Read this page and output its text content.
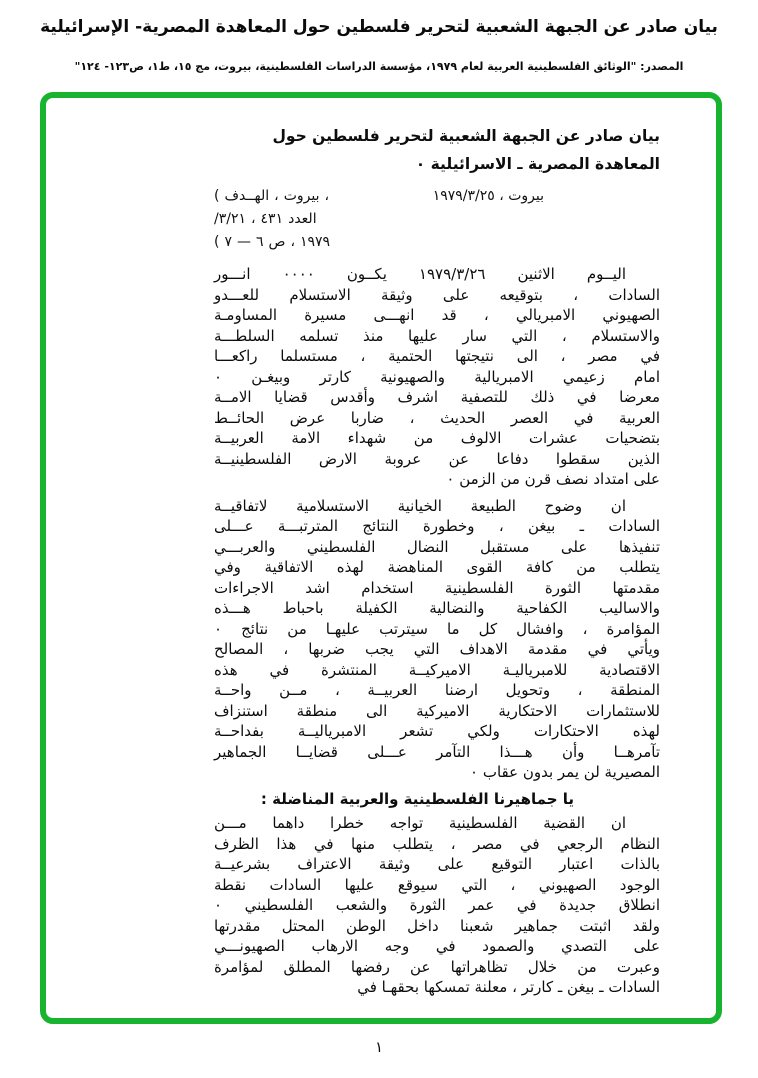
بيان صادر عن الجبهة الشعبية لتحرير فلسطين حول المعاهدة المصرية- الإسرائيلية
المصدر: "الوثائق الفلسطينية العربية لعام ١٩٧٩، مؤسسة الدراسات الفلسطينية، بيروت، مج ١٥، ط١، ص١٢٣- ١٢٤"
بيان صادر عن الجبهة الشعبية لتحرير فلسطين حول
المعاهدة المصرية ـ الاسرائيلية ٠
بيروت ، ١٩٧٩/٣/٢٥
( الهــدف ، بيروت ،
/٣/٢١ ، ٤٣١ العدد
( ٧ — ٦ ص ، ١٩٧٩
اليــوم الاثنين ١٩٧٩/٣/٢٦ يكــون ٠٠٠٠ انـــور
السادات ، بتوقيعه على وثيقة الاستسلام للعـــدو
الصهيوني الامبريالي ، قد انهـــى مسيرة المساومـة
والاستسلام ، التي سار عليها منذ تسلمه السلطـــة
في مصر ، الى نتيجتها الحتمية ، مستسلما راكعـــا
امام زعيمي الامبريالية والصهيونية كارتر وبيغـن ٠
معرضا في ذلك للتصفية اشرف وأقدس قضايا الامــة
العربية في العصر الحديث ، ضاربا عرض الحائــط
بتضحيات عشرات الالوف من شهداء الامة العربيــة
الذين سقطوا دفاعا عن عروبة الارض الفلسطينيــة
على امتداد نصف قرن من الزمن ٠
ان وضوح الطبيعة الخيانية الاستسلامية لاتفاقيــة
السادات ـ بيغن ، وخطورة النتائج المترتبـــة عـــلى
تنفيذها على مستقبل النضال الفلسطيني والعربـــي
يتطلب من كافة القوى المناهضة لهذه الاتفاقية وفي
مقدمتها الثورة الفلسطينية استخدام اشد الاجراءات
والاساليب الكفاحية والنضالية الكفيلة باحباط هـــذه
المؤامرة ، وافشال كل ما سيترتب عليهـا من نتائج ٠
ويأتي في مقدمة الاهداف التي يجب ضربها ، المصالح
الاقتصادية للامبرياليـة الاميركيــة المنتشرة في هذه
المنطقة ، وتحويل ارضنا العربيــة ، مــن واحــة
للاستثمارات الاحتكارية الاميركية الى منطقة استنزاف
لهذه الاحتكارات ولكي تشعر الامبرياليــة بفداحــة
تآمرهــا وأن هـــذا التآمر عـــلى قضايــا الجماهير
المصيرية لن يمر بدون عقاب ٠
يا جماهيرنا الفلسطينية والعربية المناضلة :
ان القضية الفلسطينية تواجه خطرا داهما مـــن
النظام الرجعي في مصر ، يتطلب منها في هذا الظرف
بالذات اعتبار التوقيع على وثيقة الاعتراف بشرعيــة
الوجود الصهيوني ، التي سيوقع عليها السادات نقطة
انطلاق جديدة في عمر الثورة والشعب الفلسطيني ٠
ولقد اثبتت جماهير شعبنا داخل الوطن المحتل مقدرتها
على التصدي والصمود في وجه الارهاب الصهيونـــي
وعبرت من خلال تظاهراتها عن رفضها المطلق لمؤامرة
السادات ـ بيغن ـ كارتر ، معلنة تمسكها بحقهـا في
١
